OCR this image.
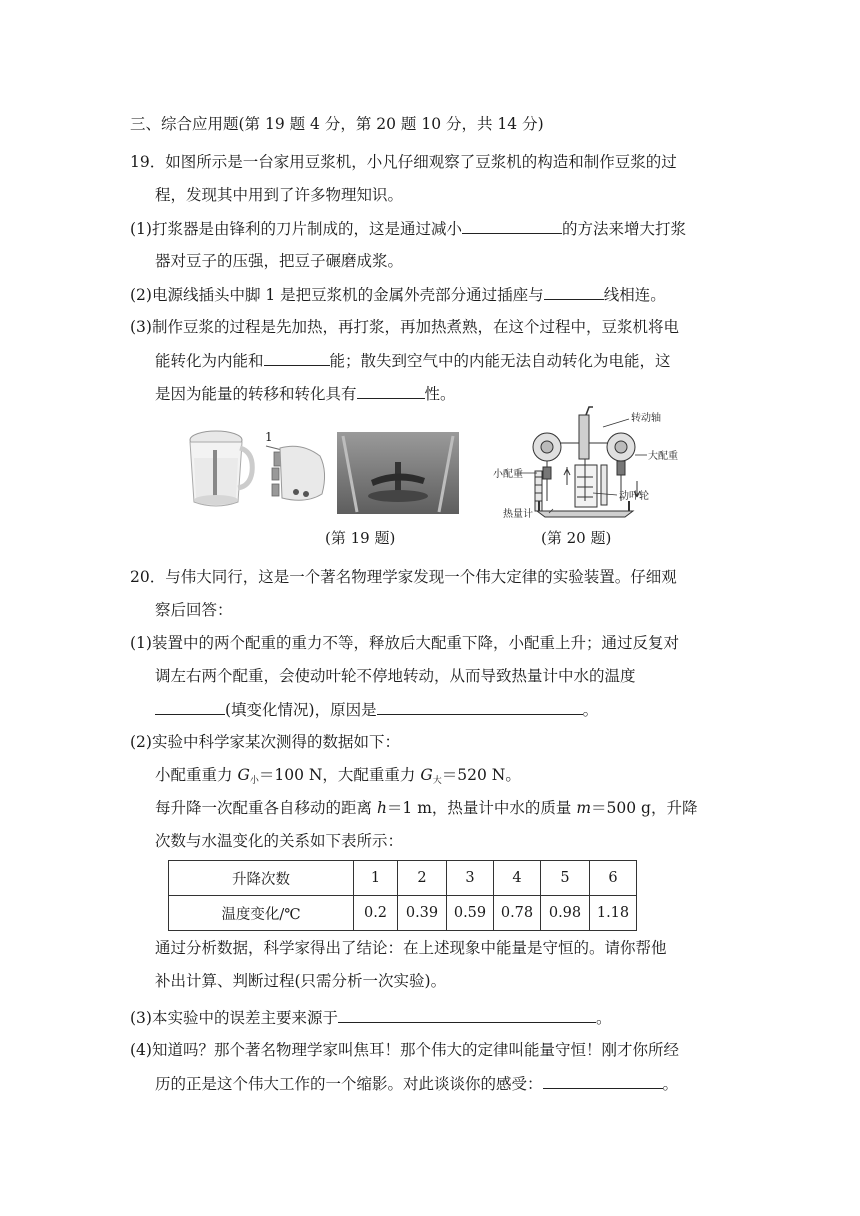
三、综合应用题(第 19 题 4 分，第 20 题 10 分，共 14 分)
19．如图所示是一台家用豆浆机，小凡仔细观察了豆浆机的构造和制作豆浆的过
程，发现其中用到了许多物理知识。
(1)打浆器是由锋利的刀片制成的，这是通过减小	的方法来增大打浆
器对豆子的压强，把豆子碾磨成浆。
(2)电源线插头中脚 1 是把豆浆机的金属外壳部分通过插座与	线相连。
(3)制作豆浆的过程是先加热，再打浆，再加热煮熟，在这个过程中，豆浆机将电
能转化为内能和	能；散失到空气中的内能无法自动转化为电能，这
是因为能量的转移和转化具有	性。
1
转动轴
大配重
小配重
动叶轮
热量计
(第 19 题)	(第 20 题)
20．与伟大同行，这是一个著名物理学家发现一个伟大定律的实验装置。仔细观
察后回答：
(1)装置中的两个配重的重力不等，释放后大配重下降，小配重上升；通过反复对
调左右两个配重，会使动叶轮不停地转动，从而导致热量计中水的温度
(填变化情况)，原因是	。
(2)实验中科学家某次测得的数据如下：
小配重重力 $G_小=100$ N，大配重重力 $G_大=520$ N。
每升降一次配重各自移动的距离 h＝1 m，热量计中水的质量 m＝500 g，升降
次数与水温变化的关系如下表所示：
升降次数	1	2	3	4	5	6
温度变化/℃	0.2	0.39	0.59	0.78	0.98	1.18
通过分析数据，科学家得出了结论：在上述现象中能量是守恒的。请你帮他
补出计算、判断过程(只需分析一次实验)。
(3)本实验中的误差主要来源于	。
(4)知道吗？那个著名物理学家叫焦耳！那个伟大的定律叫能量守恒！刚才你所经
历的正是这个伟大工作的一个缩影。对此谈谈你的感受：	。
